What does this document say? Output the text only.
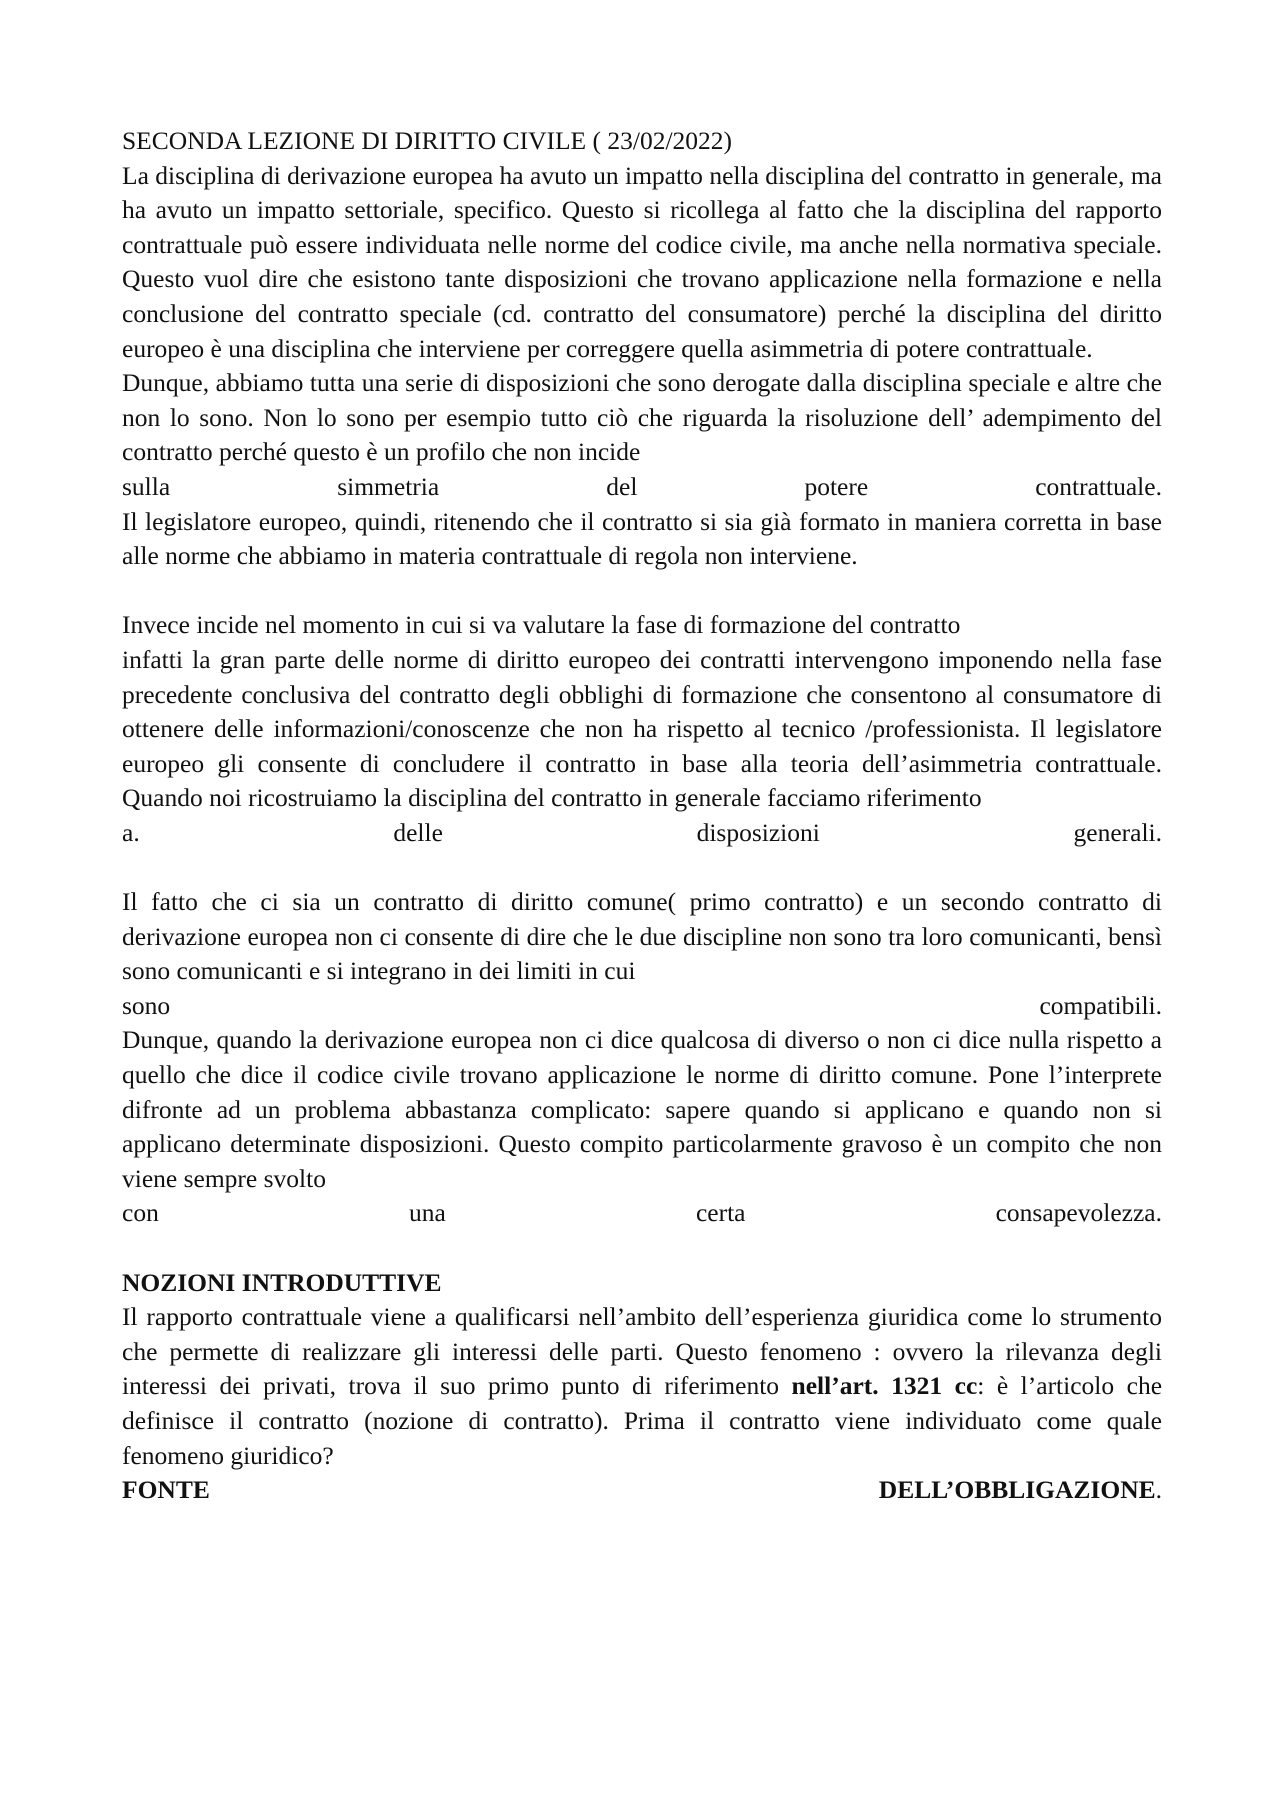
SECONDA LEZIONE DI DIRITTO CIVILE ( 23/02/2022)

La disciplina di derivazione europea ha avuto un impatto nella disciplina del contratto in generale, ma ha avuto un impatto settoriale, specifico. Questo si ricollega al fatto che la disciplina del rapporto contrattuale può essere individuata nelle norme del codice civile, ma anche nella normativa speciale. Questo vuol dire che esistono tante disposizioni che trovano applicazione nella formazione e nella conclusione del contratto speciale (cd. contratto del consumatore) perché la disciplina del diritto europeo è una disciplina che interviene per correggere quella asimmetria di potere contrattuale.

Dunque, abbiamo tutta una serie di disposizioni che sono derogate dalla disciplina speciale e altre che non lo sono. Non lo sono per esempio tutto ciò che riguarda la risoluzione dell’ adempimento del contratto perché questo è un profilo che non incide

sulla	simmetria	del	potere	contrattuale.

Il legislatore europeo, quindi, ritenendo che il contratto si sia già formato in maniera corretta in base alle norme che abbiamo in materia contrattuale di regola non interviene.

Invece incide nel momento in cui si va valutare la fase di formazione del contratto

infatti la gran parte delle norme di diritto europeo dei contratti intervengono imponendo nella fase precedente conclusiva del contratto degli obblighi di formazione che consentono al consumatore di ottenere delle informazioni/conoscenze che non ha rispetto al tecnico /professionista. Il legislatore europeo gli consente di concludere il contratto in base alla teoria dell’asimmetria contrattuale. Quando noi ricostruiamo la disciplina del contratto in generale facciamo riferimento

a.	delle	disposizioni	generali.

Il fatto che ci sia un contratto di diritto comune( primo contratto) e un secondo contratto di derivazione europea non ci consente di dire che le due discipline non sono tra loro comunicanti, bensì sono comunicanti e si integrano in dei limiti in cui

sono	compatibili.

Dunque, quando la derivazione europea non ci dice qualcosa di diverso o non ci dice nulla rispetto a quello che dice il codice civile trovano applicazione le norme di diritto comune. Pone l’interprete difronte ad un problema abbastanza complicato: sapere quando si applicano e quando non si applicano determinate disposizioni. Questo compito particolarmente gravoso è un compito che non viene sempre svolto

con	una	certa	consapevolezza.
NOZIONI INTRODUTTIVE

Il rapporto contrattuale viene a qualificarsi nell’ambito dell’esperienza giuridica come lo strumento che permette di realizzare gli interessi delle parti. Questo fenomeno : ovvero la rilevanza degli interessi dei privati, trova il suo primo punto di riferimento nell’art. 1321 cc: è l’articolo che definisce il contratto (nozione di contratto). Prima il contratto viene individuato come quale fenomeno giuridico?

FONTE	DELL’OBBLIGAZIONE.
